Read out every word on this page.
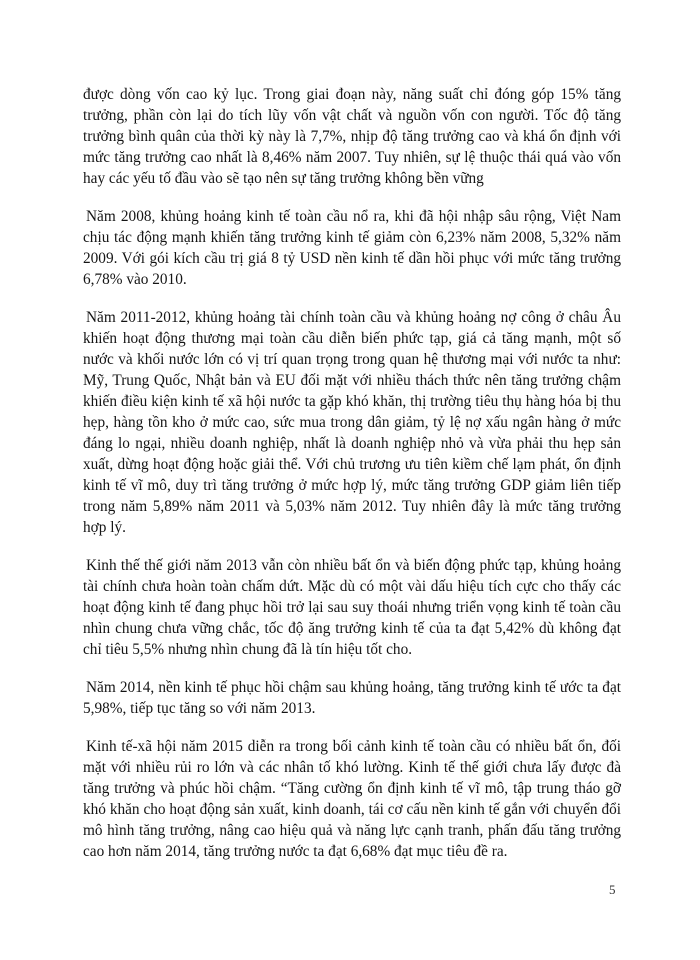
được dòng vốn cao kỷ lục. Trong giai đoạn này, năng suất chỉ đóng góp 15% tăng trưởng, phần còn lại do tích lũy vốn vật chất và nguồn vốn con người. Tốc độ tăng trưởng bình quân của thời kỳ này là 7,7%, nhịp độ tăng trưởng cao và khá ổn định với mức tăng trưởng cao nhất là 8,46% năm 2007. Tuy nhiên, sự lệ thuộc thái quá vào vốn hay các yếu tố đầu vào sẽ tạo nên sự tăng trưởng không bền vững

Năm 2008, khủng hoảng kinh tế toàn cầu nổ ra, khi đã hội nhập sâu rộng, Việt Nam chịu tác động mạnh khiến tăng trưởng kinh tế giảm còn 6,23% năm 2008, 5,32% năm 2009. Với gói kích cầu trị giá 8 tỷ USD nền kinh tế dần hồi phục với mức tăng trưởng 6,78% vào 2010.

Năm 2011-2012, khủng hoảng tài chính toàn cầu và khủng hoảng nợ công ở châu Âu khiến hoạt động thương mại toàn cầu diễn biến phức tạp, giá cả tăng mạnh, một số nước và khối nước lớn có vị trí quan trọng trong quan hệ thương mại với nước ta như: Mỹ, Trung Quốc, Nhật bản và EU đối mặt với nhiều thách thức nên tăng trưởng chậm khiến điều kiện kinh tế xã hội nước ta gặp khó khăn, thị trường tiêu thụ hàng hóa bị thu hẹp, hàng tồn kho ở mức cao, sức mua trong dân giảm, tỷ lệ nợ xấu ngân hàng ở mức đáng lo ngại, nhiều doanh nghiệp, nhất là doanh nghiệp nhỏ và vừa phải thu hẹp sản xuất, dừng hoạt động hoặc giải thể. Với chủ trương ưu tiên kiềm chế lạm phát, ổn định kinh tế vĩ mô, duy trì tăng trưởng ở mức hợp lý, mức tăng trưởng GDP giảm liên tiếp trong năm 5,89% năm 2011 và 5,03% năm 2012. Tuy nhiên đây là mức tăng trưởng hợp lý.

Kinh thế thế giới năm 2013 vẫn còn nhiều bất ổn và biến động phức tạp, khủng hoảng tài chính chưa hoàn toàn chấm dứt. Mặc dù có một vài dấu hiệu tích cực cho thấy các hoạt động kinh tế đang phục hồi trở lại sau suy thoái nhưng triển vọng kinh tế toàn cầu nhìn chung chưa vững chắc, tốc độ ăng trưởng kinh tế của ta đạt 5,42% dù không đạt chỉ tiêu 5,5% nhưng nhìn chung đã là tín hiệu tốt cho.

Năm 2014, nền kinh tế phục hồi chậm sau khủng hoảng, tăng trưởng kinh tế ước ta đạt 5,98%, tiếp tục tăng so với năm 2013.

Kinh tế-xã hội năm 2015 diễn ra trong bối cảnh kinh tế toàn cầu có nhiều bất ổn, đối mặt với nhiều rủi ro lớn và các nhân tố khó lường. Kinh tế thế giới chưa lấy được đà tăng trưởng và phúc hồi chậm. “Tăng cường ổn định kinh tế vĩ mô, tập trung tháo gỡ khó khăn cho hoạt động sản xuất, kinh doanh, tái cơ cấu nền kinh tế gắn với chuyển đổi mô hình tăng trưởng, nâng cao hiệu quả và năng lực cạnh tranh, phấn đấu tăng trưởng cao hơn năm 2014, tăng trưởng nước ta đạt 6,68% đạt mục tiêu đề ra.

5
